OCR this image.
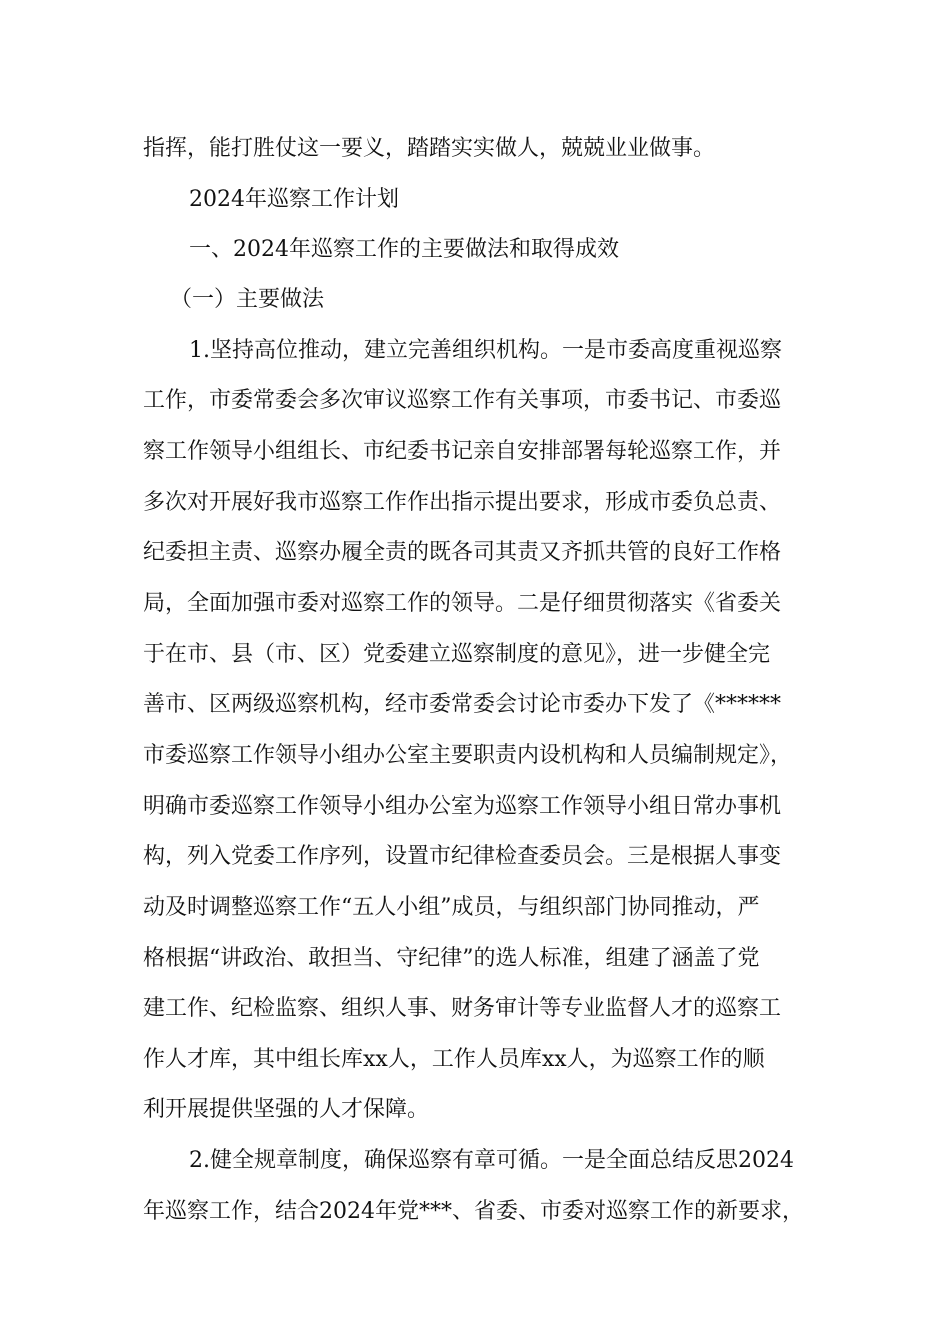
指挥，能打胜仗这一要义，踏踏实实做人，兢兢业业做事。
2024年巡察工作计划
一、2024年巡察工作的主要做法和取得成效
（一）主要做法
1.坚持高位推动，建立完善组织机构。一是市委高度重视巡察
工作，市委常委会多次审议巡察工作有关事项，市委书记、市委巡
察工作领导小组组长、市纪委书记亲自安排部署每轮巡察工作，并
多次对开展好我市巡察工作作出指示提出要求，形成市委负总责、
纪委担主责、巡察办履全责的既各司其责又齐抓共管的良好工作格
局，全面加强市委对巡察工作的领导。二是仔细贯彻落实《省委关
于在市、县（市、区）党委建立巡察制度的意见》，进一步健全完
善市、区两级巡察机构，经市委常委会讨论市委办下发了《******
市委巡察工作领导小组办公室主要职责内设机构和人员编制规定》，
明确市委巡察工作领导小组办公室为巡察工作领导小组日常办事机
构，列入党委工作序列，设置市纪律检查委员会。三是根据人事变
动及时调整巡察工作“五人小组”成员，与组织部门协同推动，严
格根据“讲政治、敢担当、守纪律”的选人标准，组建了涵盖了党
建工作、纪检监察、组织人事、财务审计等专业监督人才的巡察工
作人才库，其中组长库xx人，工作人员库xx人，为巡察工作的顺
利开展提供坚强的人才保障。
2.健全规章制度，确保巡察有章可循。一是全面总结反思2024
年巡察工作，结合2024年党***、省委、市委对巡察工作的新要求，
